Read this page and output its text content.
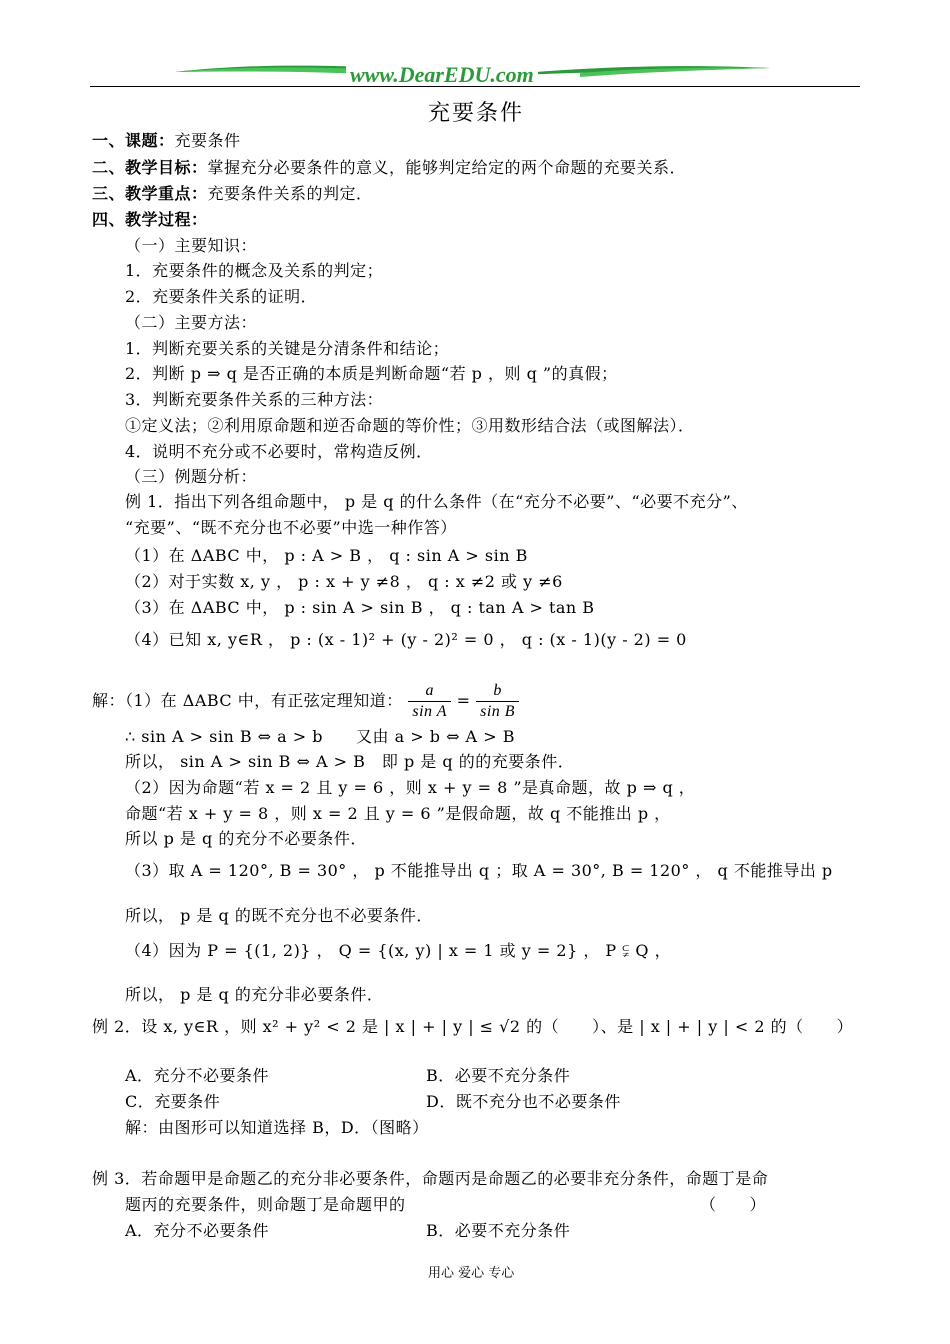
www.DearEDU.com
充要条件
一、课题：充要条件
二、教学目标：掌握充分必要条件的意义，能够判定给定的两个命题的充要关系．
三、教学重点：充要条件关系的判定．
四、教学过程：
（一）主要知识：
1．充要条件的概念及关系的判定；
2．充要条件关系的证明．
（二）主要方法：
1．判断充要关系的关键是分清条件和结论；
2．判断 p ⇒ q 是否正确的本质是判断命题“若 p ，则 q ”的真假；
3．判断充要条件关系的三种方法：
①定义法；②利用原命题和逆否命题的等价性；③用数形结合法（或图解法）．
4．说明不充分或不必要时，常构造反例．
（三）例题分析：
例 1．指出下列各组命题中， p 是 q 的什么条件（在“充分不必要”、“必要不充分”、
“充要”、“既不充分也不必要”中选一种作答）
（1）在 ΔABC 中， p : A > B ， q : sin A > sin B
（2）对于实数 x, y ， p : x + y ≠8 ， q : x ≠2 或 y ≠6
（3）在 ΔABC 中， p : sin A > sin B ， q : tan A > tan B
（4）已知 x, y∈R ， p : (x - 1)² + (y - 2)² = 0 ， q : (x - 1)(y - 2) = 0
解：（1）在 ΔABC 中，有正弦定理知道： $\frac{a}{\text{sin A}} = \frac{b}{\text{sin B}}$
∴ sin A > sin B ⇔ a > b　　又由 a > b ⇔ A > B
所以， sin A > sin B ⇔ A > B　即 p 是 q 的的充要条件．
（2）因为命题“若 x = 2 且 y = 6 ，则 x + y = 8 ”是真命题，故 p ⇒ q ，
命题“若 x + y = 8 ，则 x = 2 且 y = 6 ”是假命题，故 q 不能推出 p ，
所以 p 是 q 的充分不必要条件．
（3）取 A = 120°, B = 30° ， p 不能推导出 q ；取 A = 30°, B = 120° ， q 不能推导出 p
所以， p 是 q 的既不充分也不必要条件．
（4）因为 P = {(1, 2)} ， Q = {(x, y) | x = 1 或 y = 2} ， P ⫋ Q ，
所以， p 是 q 的充分非必要条件．
例 2．设 x, y∈R ，则 x² + y² < 2 是 | x | + | y | ≤ √2 的（　　）、是 | x | + | y | < 2 的（　　）
A．充分不必要条件	B．必要不充分条件
C．充要条件	D．既不充分也不必要条件
解：由图形可以知道选择 B，D．（图略）
例 3．若命题甲是命题乙的充分非必要条件，命题丙是命题乙的必要非充分条件，命题丁是命
题丙的充要条件，则命题丁是命题甲的	（　　）
A．充分不必要条件	B．必要不充分条件
用心 爱心 专心
